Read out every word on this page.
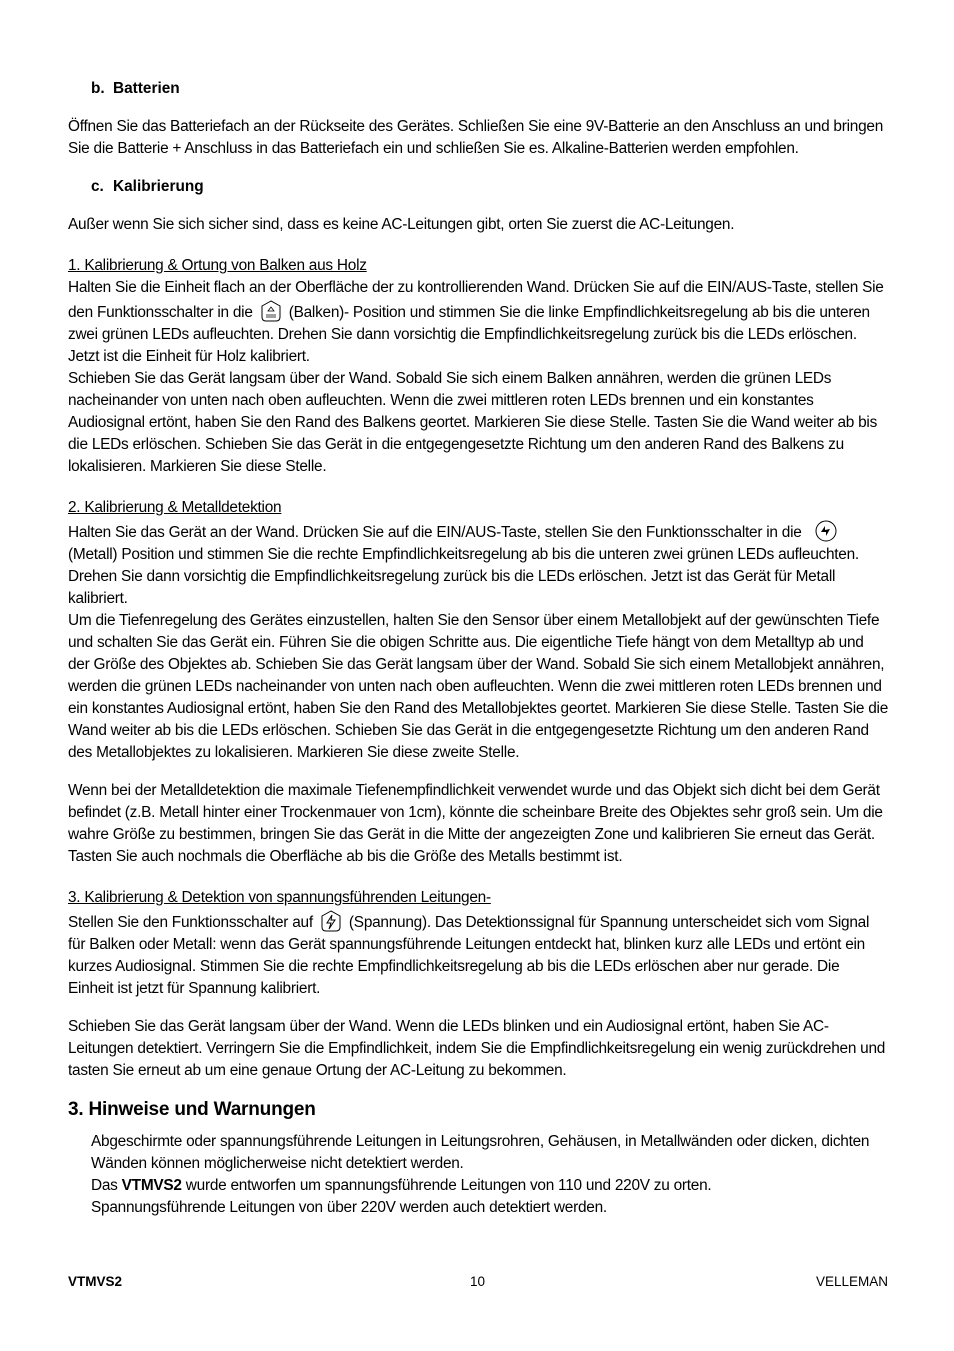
b. Batterien

Öffnen Sie das Batteriefach an der Rückseite des Gerätes. Schließen Sie eine 9V-Batterie an den Anschluss an und bringen Sie die Batterie + Anschluss in das Batteriefach ein und schließen Sie es. Alkaline-Batterien werden empfohlen.

c. Kalibrierung

Außer wenn Sie sich sicher sind, dass es keine AC-Leitungen gibt, orten Sie zuerst die AC-Leitungen.

1. Kalibrierung & Ortung von Balken aus Holz

Halten Sie die Einheit flach an der Oberfläche der zu kontrollierenden Wand. Drücken Sie auf die EIN/AUS-Taste, stellen Sie den Funktionsschalter in die (Balken)- Position und stimmen Sie die linke Empfindlichkeitsregelung ab bis die unteren zwei grünen LEDs aufleuchten. Drehen Sie dann vorsichtig die Empfindlichkeitsregelung zurück bis die LEDs erlöschen. Jetzt ist die Einheit für Holz kalibriert.

Schieben Sie das Gerät langsam über der Wand. Sobald Sie sich einem Balken annähren, werden die grünen LEDs nacheinander von unten nach oben aufleuchten. Wenn die zwei mittleren roten LEDs brennen und ein konstantes Audiosignal ertönt, haben Sie den Rand des Balkens geortet. Markieren Sie diese Stelle. Tasten Sie die Wand weiter ab bis die LEDs erlöschen. Schieben Sie das Gerät in die entgegengesetzte Richtung um den anderen Rand des Balkens zu lokalisieren. Markieren Sie diese Stelle.

2. Kalibrierung & Metalldetektion

Halten Sie das Gerät an der Wand. Drücken Sie auf die EIN/AUS-Taste, stellen Sie den Funktionsschalter in die  (Metall) Position und stimmen Sie die rechte Empfindlichkeitsregelung ab bis die unteren zwei grünen LEDs aufleuchten. Drehen Sie dann vorsichtig die Empfindlichkeitsregelung zurück bis die LEDs erlöschen. Jetzt ist das Gerät für Metall kalibriert.

Um die Tiefenregelung des Gerätes einzustellen, halten Sie den Sensor über einem Metallobjekt auf der gewünschten Tiefe und schalten Sie das Gerät ein. Führen Sie die obigen Schritte aus. Die eigentliche Tiefe hängt von dem Metalltyp ab und der Größe des Objektes ab. Schieben Sie das Gerät langsam über der Wand. Sobald Sie sich einem Metallobjekt annähren, werden die grünen LEDs nacheinander von unten nach oben aufleuchten. Wenn die zwei mittleren roten LEDs brennen und ein konstantes Audiosignal ertönt, haben Sie den Rand des Metallobjektes geortet. Markieren Sie diese Stelle. Tasten Sie die Wand weiter ab bis die LEDs erlöschen. Schieben Sie das Gerät in die entgegengesetzte Richtung um den anderen Rand des Metallobjektes zu lokalisieren. Markieren Sie diese zweite Stelle.

Wenn bei der Metalldetektion die maximale Tiefenempfindlichkeit verwendet wurde und das Objekt sich dicht bei dem Gerät befindet (z.B. Metall hinter einer Trockenmauer von 1cm), könnte die scheinbare Breite des Objektes sehr groß sein. Um die wahre Größe zu bestimmen, bringen Sie das Gerät in die Mitte der angezeigten Zone und kalibrieren Sie erneut das Gerät. Tasten Sie auch nochmals die Oberfläche ab bis die Größe des Metalls bestimmt ist.

3. Kalibrierung & Detektion von spannungsführenden Leitungen-

Stellen Sie den Funktionsschalter auf (Spannung). Das Detektionssignal für Spannung unterscheidet sich vom Signal für Balken oder Metall: wenn das Gerät spannungsführende Leitungen entdeckt hat, blinken kurz alle LEDs und ertönt ein kurzes Audiosignal. Stimmen Sie die rechte Empfindlichkeitsregelung ab bis die LEDs erlöschen aber nur gerade. Die Einheit ist jetzt für Spannung kalibriert.

Schieben Sie das Gerät langsam über der Wand. Wenn die LEDs blinken und ein Audiosignal ertönt, haben Sie AC-Leitungen detektiert. Verringern Sie die Empfindlichkeit, indem Sie die Empfindlichkeitsregelung ein wenig zurückdrehen und tasten Sie erneut ab um eine genaue Ortung der AC-Leitung zu bekommen.

3. Hinweise und Warnungen

Abgeschirmte oder spannungsführende Leitungen in Leitungsrohren, Gehäusen, in Metallwänden oder dicken, dichten Wänden können möglicherweise nicht detektiert werden.

Das VTMVS2 wurde entworfen um spannungsführende Leitungen von 110 und 220V zu orten.

Spannungsführende Leitungen von über 220V werden auch detektiert werden.

VTMVS2	10	VELLEMAN
